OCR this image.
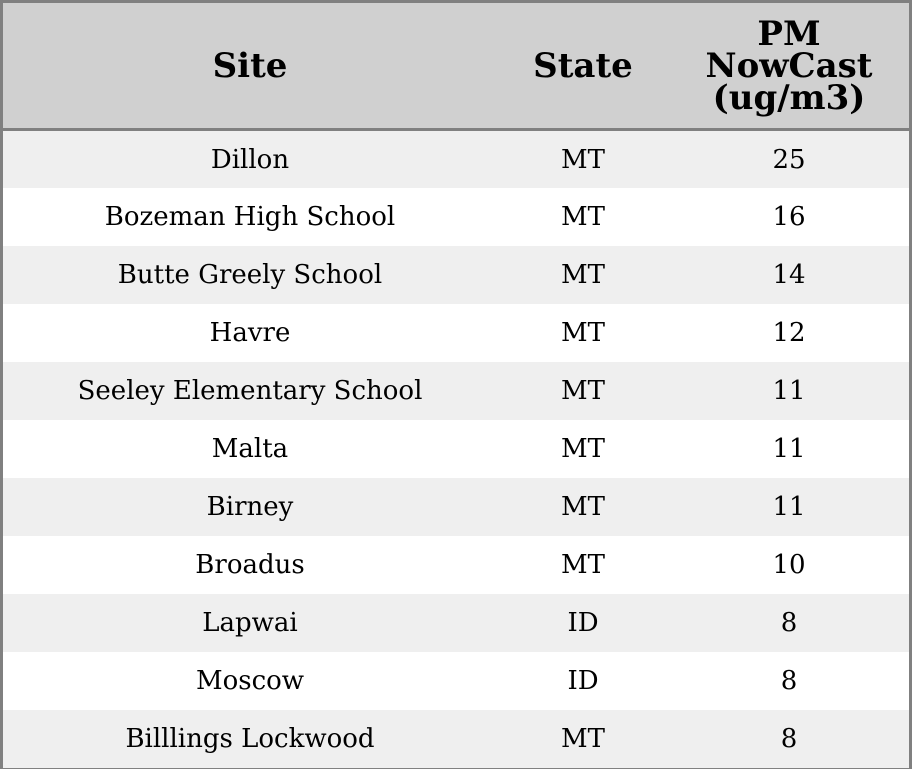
Site	State	PM
NowCast
(ug/m3)

Dillon	MT	25
Bozeman High School	MT	16
Butte Greely School	MT	14
Havre	MT	12
Seeley Elementary School	MT	11
Malta	MT	11
Birney	MT	11
Broadus	MT	10
Lapwai	ID	8
Moscow	ID	8
Billlings Lockwood	MT	8
